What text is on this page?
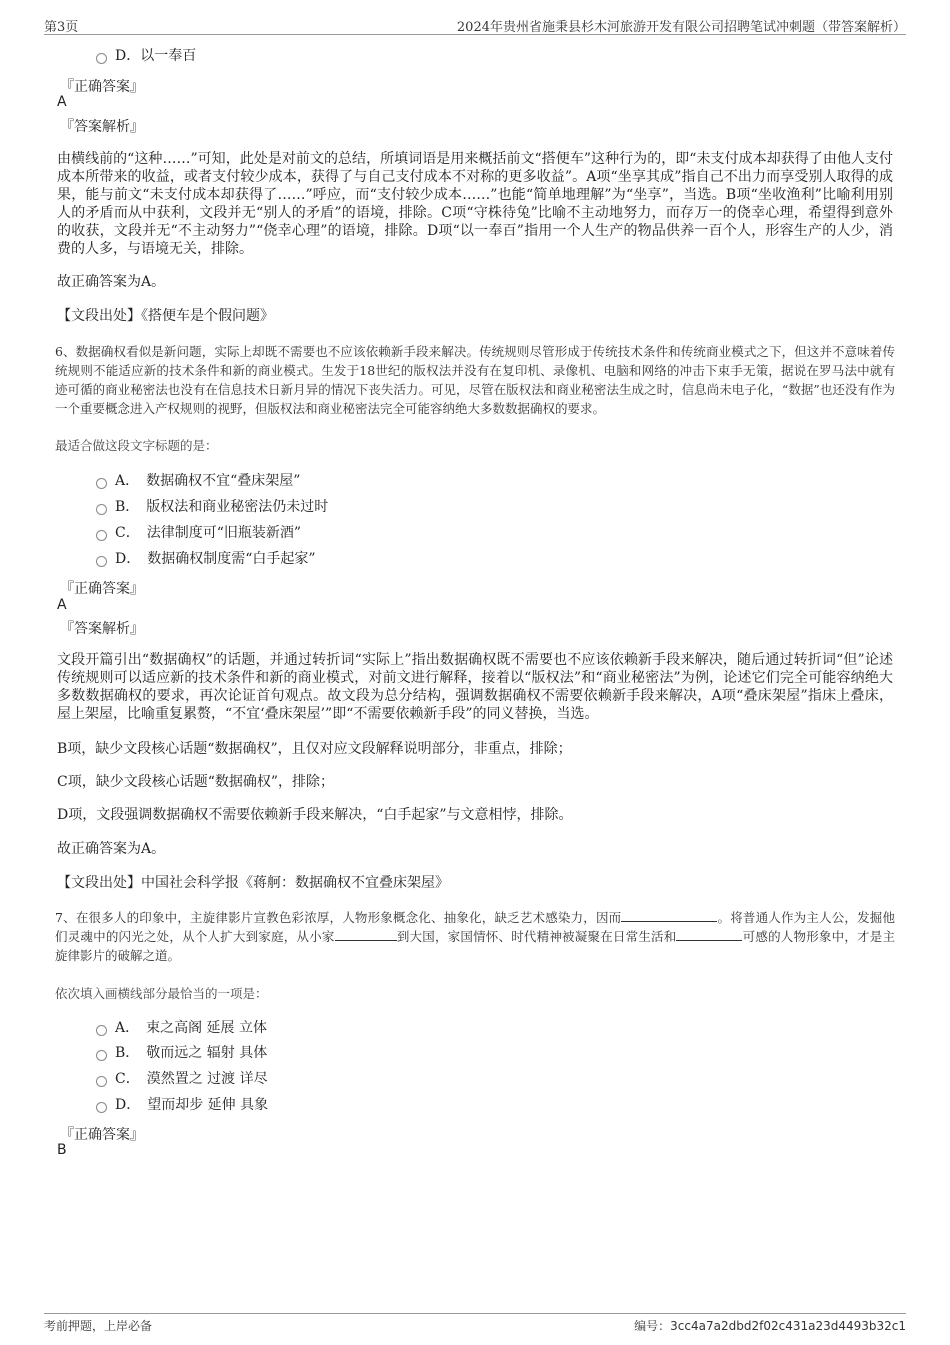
第3页	2024年贵州省施秉县杉木河旅游开发有限公司招聘笔试冲刺题（带答案解析）
D．以一奉百
『正确答案』
A
『答案解析』
由横线前的“这种……”可知，此处是对前文的总结，所填词语是用来概括前文“搭便车”这种行为的，即“未支付成本却获得了由他人支付成本所带来的收益，或者支付较少成本，获得了与自己支付成本不对称的更多收益”。A项“坐享其成”指自己不出力而享受别人取得的成果，能与前文“未支付成本却获得了……”呼应，而“支付较少成本……”也能“简单地理解”为“坐享”，当选。B项“坐收渔利”比喻利用别人的矛盾而从中获利，文段并无“别人的矛盾”的语境，排除。C项“守株待兔”比喻不主动地努力，而存万一的侥幸心理，希望得到意外的收获，文段并无“不主动努力”“侥幸心理”的语境，排除。D项“以一奉百”指用一个人生产的物品供养一百个人，形容生产的人少，消费的人多，与语境无关，排除。
故正确答案为A。
【文段出处】《搭便车是个假问题》
6、数据确权看似是新问题，实际上却既不需要也不应该依赖新手段来解决。传统规则尽管形成于传统技术条件和传统商业模式之下，但这并不意味着传统规则不能适应新的技术条件和新的商业模式。生发于18世纪的版权法并没有在复印机、录像机、电脑和网络的冲击下束手无策，据说在罗马法中就有迹可循的商业秘密法也没有在信息技术日新月异的情况下丧失活力。可见，尽管在版权法和商业秘密法生成之时，信息尚未电子化，“数据”也还没有作为一个重要概念进入产权规则的视野，但版权法和商业秘密法完全可能容纳绝大多数数据确权的要求。
最适合做这段文字标题的是：
A．　数据确权不宜“叠床架屋”
B．　版权法和商业秘密法仍未过时
C．　法律制度可“旧瓶装新酒”
D．　数据确权制度需“白手起家”
『正确答案』
A
『答案解析』
文段开篇引出“数据确权”的话题，并通过转折词“实际上”指出数据确权既不需要也不应该依赖新手段来解决，随后通过转折词“但”论述传统规则可以适应新的技术条件和新的商业模式，对前文进行解释，接着以“版权法”和“商业秘密法”为例，论述它们完全可能容纳绝大多数数据确权的要求，再次论证首句观点。故文段为总分结构，强调数据确权不需要依赖新手段来解决，A项“叠床架屋”指床上叠床，屋上架屋，比喻重复累赘，“不宜‘叠床架屋’”即“不需要依赖新手段”的同义替换，当选。
B项，缺少文段核心话题“数据确权”，且仅对应文段解释说明部分，非重点，排除；
C项，缺少文段核心话题“数据确权”，排除；
D项，文段强调数据确权不需要依赖新手段来解决，“白手起家”与文意相悖，排除。
故正确答案为A。
【文段出处】中国社会科学报《蒋舸：数据确权不宜叠床架屋》
7、在很多人的印象中，主旋律影片宣教色彩浓厚，人物形象概念化、抽象化，缺乏艺术感染力，因而	。将普通人作为主人公，发掘他们灵魂中的闪光之处，从个人扩大到家庭，从小家	到大国，家国情怀、时代精神被凝聚在日常生活和	可感的人物形象中，才是主旋律影片的破解之道。
依次填入画横线部分最恰当的一项是：
A．　束之高阁 延展 立体
B．　敬而远之 辐射 具体
C．　漠然置之 过渡 详尽
D．　望而却步 延伸 具象
『正确答案』
B
考前押题，上岸必备	编号：3cc4a7a2dbd2f02c431a23d4493b32c1
